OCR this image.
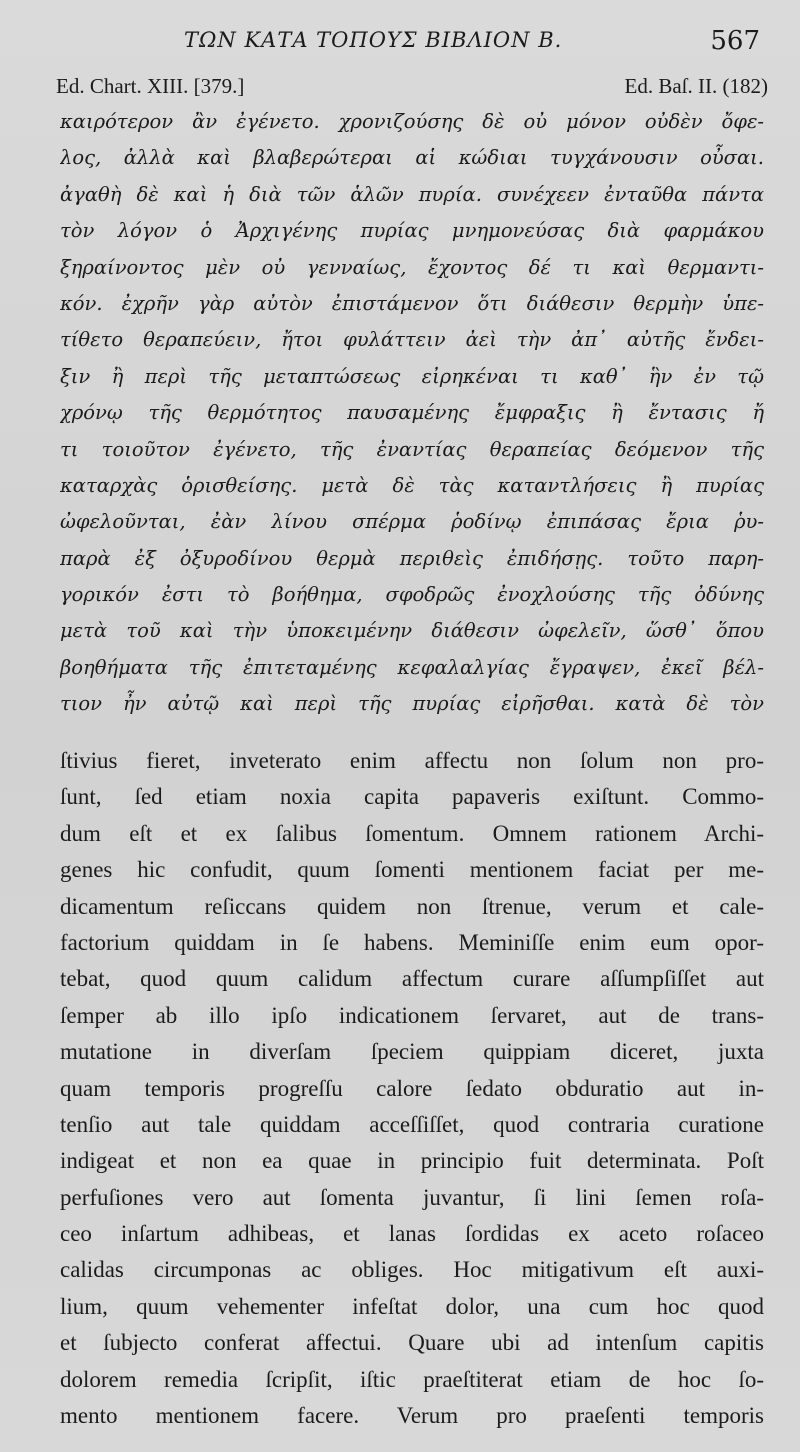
ΤΩΝ ΚΑΤΑ ΤΟΠΟΥΣ ΒΙΒΛΙΟΝ Β.	567
Ed. Chart. XIII. [379.]	Ed. Baſ. II. (182)
καιρότερον ἂν ἐγένετο. χρονιζούσης δὲ οὐ μόνον οὐδὲν ὄφε-
λος, ἀλλὰ καὶ βλαβερώτεραι αἱ κώδιαι τυγχάνουσιν οὖσαι.
ἀγαθὴ δὲ καὶ ἡ διὰ τῶν ἁλῶν πυρία. συνέχεεν ἐνταῦθα πάντα
τὸν λόγον ὁ Ἀρχιγένης πυρίας μνημονεύσας διὰ φαρμάκου
ξηραίνοντος μὲν οὐ γενναίως, ἔχοντος δέ τι καὶ θερμαντι-
κόν. ἐχρῆν γὰρ αὐτὸν ἐπιστάμενον ὅτι διάθεσιν θερμὴν ὑπε-
τίθετο θεραπεύειν, ἤτοι φυλάττειν ἀεὶ τὴν ἀπ᾽ αὐτῆς ἔνδει-
ξιν ἢ περὶ τῆς μεταπτώσεως εἰρηκέναι τι καθ᾽ ἣν ἐν τῷ
χρόνῳ τῆς θερμότητος παυσαμένης ἔμφραξις ἢ ἔντασις ἤ
τι τοιοῦτον ἐγένετο, τῆς ἐναντίας θεραπείας δεόμενον τῆς
καταρχὰς ὁρισθείσης. μετὰ δὲ τὰς καταντλήσεις ἢ πυρίας
ὠφελοῦνται, ἐὰν λίνου σπέρμα ῥοδίνῳ ἐπιπάσας ἔρια ῥυ-
παρὰ ἐξ ὀξυροδίνου θερμὰ περιθεὶς ἐπιδήσῃς. τοῦτο παρη-
γορικόν ἐστι τὸ βοήθημα, σφοδρῶς ἐνοχλούσης τῆς ὀδύνης
μετὰ τοῦ καὶ τὴν ὑποκειμένην διάθεσιν ὠφελεῖν, ὥσθ᾽ ὅπου
βοηθήματα τῆς ἐπιτεταμένης κεφαλαλγίας ἔγραψεν, ἐκεῖ βέλ-
τιον ἦν αὐτῷ καὶ περὶ τῆς πυρίας εἰρῆσθαι. κατὰ δὲ τὸν
ſtivius fieret, inveterato enim affectu non ſolum non pro-
ſunt, ſed etiam noxia capita papaveris exiſtunt. Commo-
dum eſt et ex ſalibus ſomentum. Omnem rationem Archi-
genes hic confudit, quum ſomenti mentionem faciat per me-
dicamentum reſiccans quidem non ſtrenue, verum et cale-
factorium quiddam in ſe habens. Meminiſſe enim eum opor-
tebat, quod quum calidum affectum curare aſſumpſiſſet aut
ſemper ab illo ipſo indicationem ſervaret, aut de trans-
mutatione in diverſam ſpeciem quippiam diceret, juxta
quam temporis progreſſu calore ſedato obduratio aut in-
tenſio aut tale quiddam acceſſiſſet, quod contraria curatione
indigeat et non ea quae in principio fuit determinata. Poſt
perfuſiones vero aut ſomenta juvantur, ſi lini ſemen roſa-
ceo inſartum adhibeas, et lanas ſordidas ex aceto roſaceo
calidas circumponas ac obliges. Hoc mitigativum eſt auxi-
lium, quum vehementer infeſtat dolor, una cum hoc quod
et ſubjecto conferat affectui. Quare ubi ad intenſum capitis
dolorem remedia ſcripſit, iſtic praeſtiterat etiam de hoc ſo-
mento mentionem facere. Verum pro praeſenti temporis
